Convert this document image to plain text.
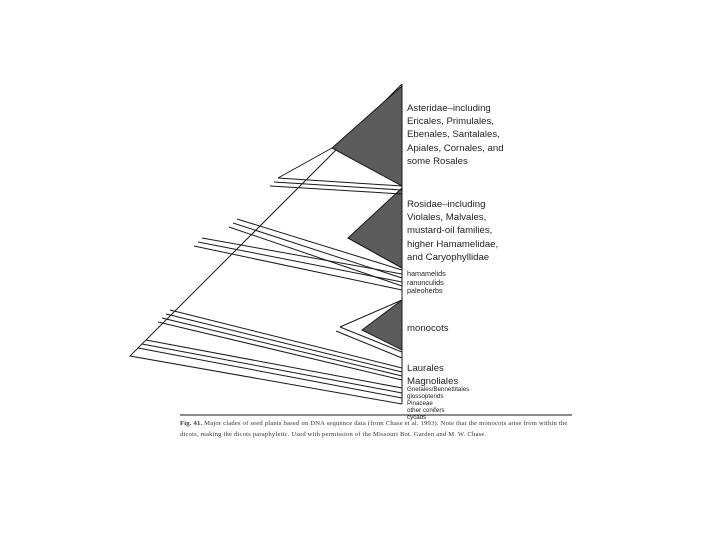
Asteridae–including
Ericales, Primulales,
Ebenales, Santalales,
Apiales, Cornales, and
some Rosales
Rosidae–including
Violales, Malvales,
mustard-oil families,
higher Hamamelidae,
and Caryophyllidae
hamamelids
ranunculids
paleoherbs
monocots
Laurales
Magnoliales
Gnetales/Bennettitales
glossopterids
Pinaceae
other conifers
cycads
Fig. 41. Major clades of seed plants based on DNA sequence data (from Chase et al. 1993). Note that the monocots arise from within the dicots, making the dicots paraphyletic. Used with permission of the Missouri Bot. Garden and M. W. Chase.
